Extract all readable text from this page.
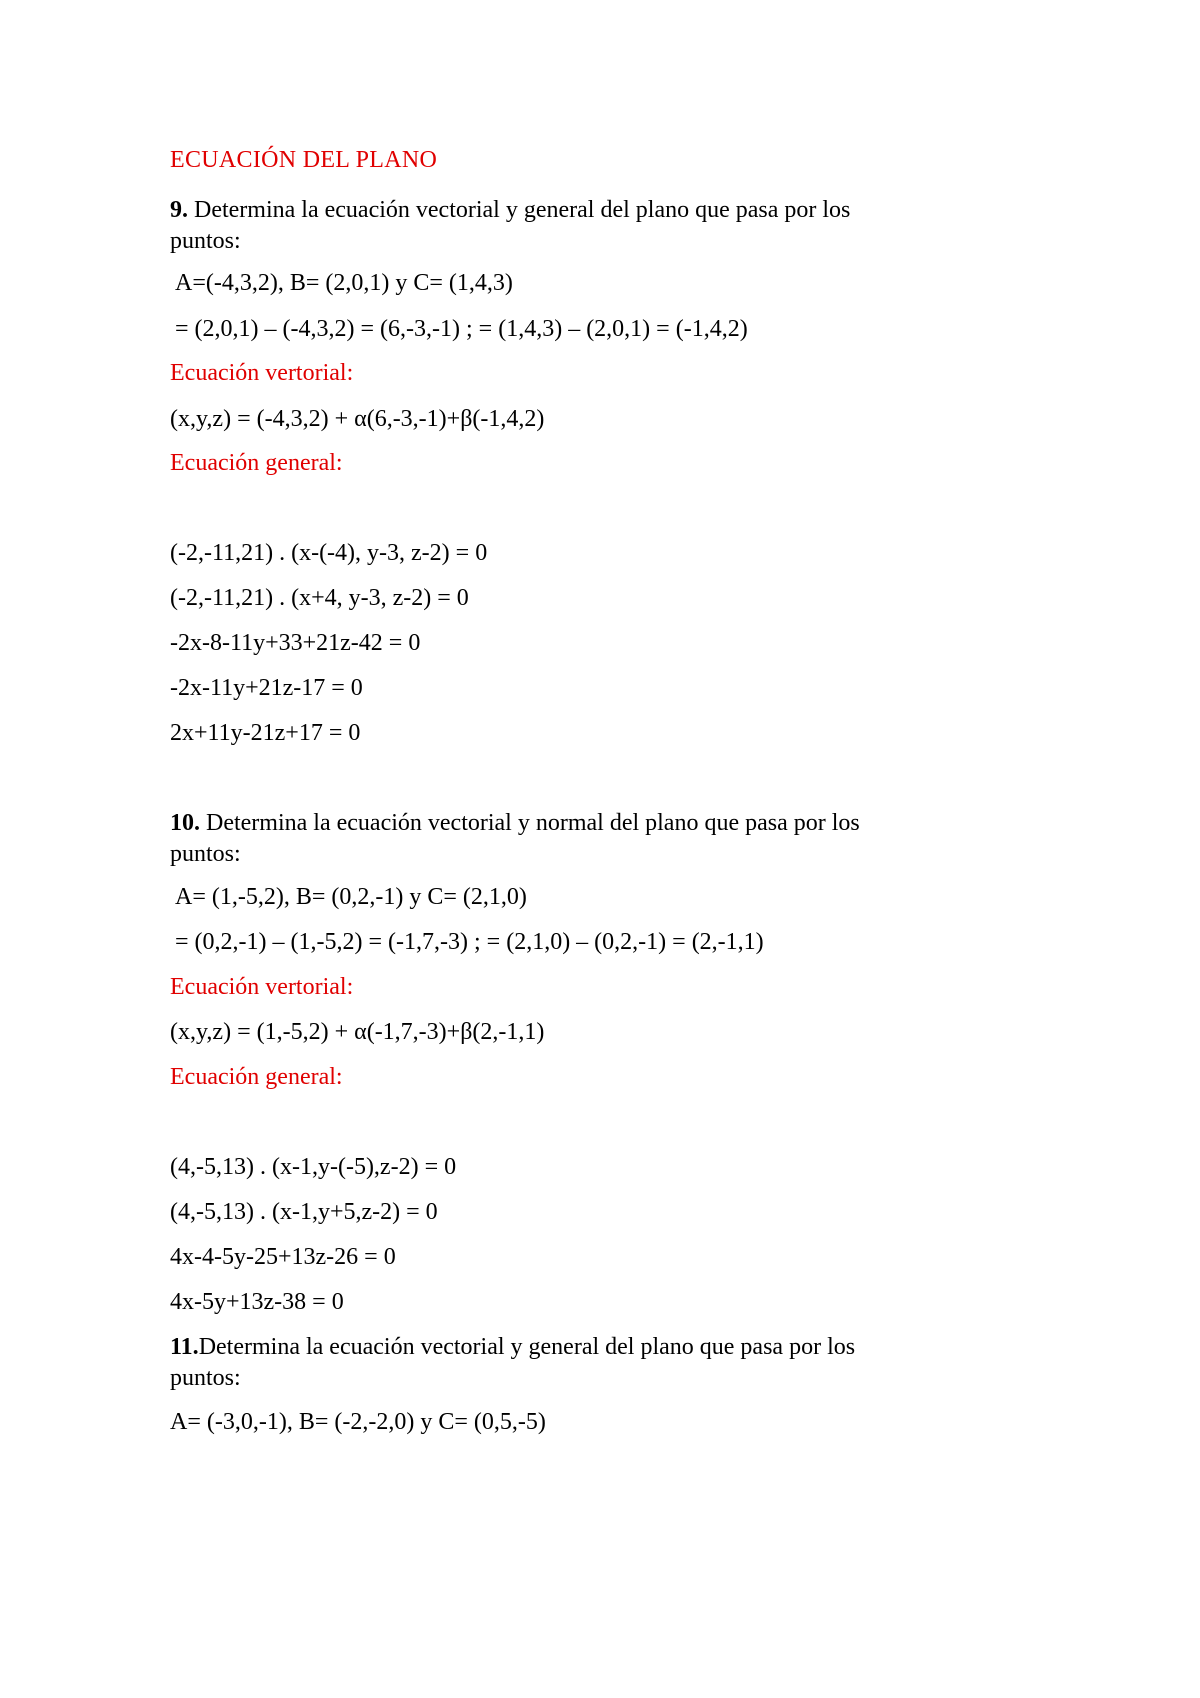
ECUACIÓN DEL PLANO
9. Determina la ecuación vectorial y general del plano que pasa por los
puntos:
A=(-4,3,2), B= (2,0,1) y C= (1,4,3)
= (2,0,1) – (-4,3,2) = (6,-3,-1) ; = (1,4,3) – (2,0,1) = (-1,4,2)
Ecuación vertorial:
(x,y,z) = (-4,3,2) + α(6,-3,-1)+β(-1,4,2)
Ecuación general:
(-2,-11,21) . (x-(-4), y-3, z-2) = 0
(-2,-11,21) . (x+4, y-3, z-2) = 0
-2x-8-11y+33+21z-42 = 0
-2x-11y+21z-17 = 0
2x+11y-21z+17 = 0
10. Determina la ecuación vectorial y normal del plano que pasa por los
puntos:
A= (1,-5,2), B= (0,2,-1) y C= (2,1,0)
= (0,2,-1) – (1,-5,2) = (-1,7,-3) ; = (2,1,0) – (0,2,-1) = (2,-1,1)
Ecuación vertorial:
(x,y,z) = (1,-5,2) + α(-1,7,-3)+β(2,-1,1)
Ecuación general:
(4,-5,13) . (x-1,y-(-5),z-2) = 0
(4,-5,13) . (x-1,y+5,z-2) = 0
4x-4-5y-25+13z-26 = 0
4x-5y+13z-38 = 0
11.Determina la ecuación vectorial y general del plano que pasa por los
puntos:
A= (-3,0,-1), B= (-2,-2,0) y C= (0,5,-5)
